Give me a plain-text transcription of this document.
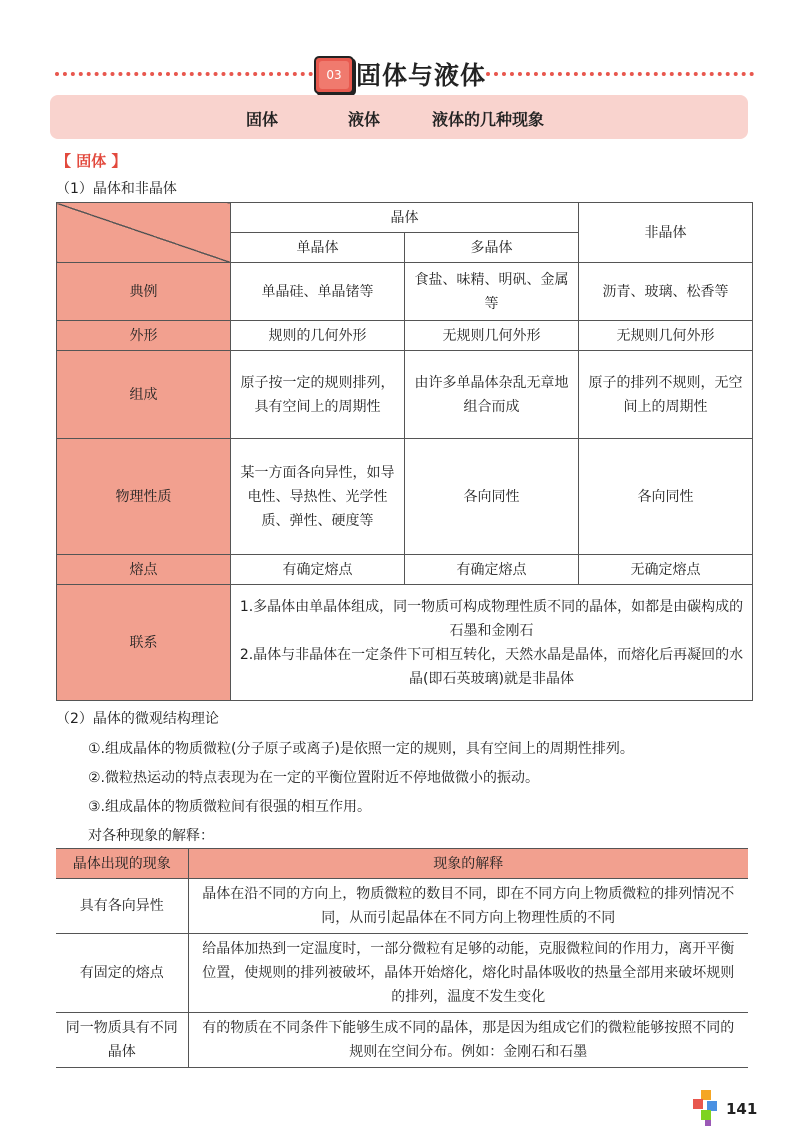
03 固体与液体
固体	液体	液体的几种现象
【 固体 】
（1）晶体和非晶体
	晶体		非晶体
	单晶体	多晶体	
典例	单晶硅、单晶锗等	食盐、味精、明矾、金属等	沥青、玻璃、松香等
外形	规则的几何外形	无规则几何外形	无规则几何外形
组成	原子按一定的规则排列，具有空间上的周期性	由许多单晶体杂乱无章地组合而成	原子的排列不规则，无空间上的周期性
物理性质	某一方面各向异性，如导电性、导热性、光学性质、弹性、硬度等	各向同性	各向同性
熔点	有确定熔点	有确定熔点	无确定熔点
联系	1.多晶体由单晶体组成，同一物质可构成物理性质不同的晶体，如都是由碳构成的石墨和金刚石
2.晶体与非晶体在一定条件下可相互转化，天然水晶是晶体，而熔化后再凝回的水晶(即石英玻璃)就是非晶体		
（2）晶体的微观结构理论
①.组成晶体的物质微粒(分子原子或离子)是依照一定的规则，具有空间上的周期性排列。
②.微粒热运动的特点表现为在一定的平衡位置附近不停地做微小的振动。
③.组成晶体的物质微粒间有很强的相互作用。
对各种现象的解释：
晶体出现的现象	现象的解释
具有各向异性	晶体在沿不同的方向上，物质微粒的数目不同，即在不同方向上物质微粒的排列情况不同，从而引起晶体在不同方向上物理性质的不同
有固定的熔点	给晶体加热到一定温度时，一部分微粒有足够的动能，克服微粒间的作用力，离开平衡位置，使规则的排列被破坏，晶体开始熔化，熔化时晶体吸收的热量全部用来破坏规则的排列，温度不发生变化
同一物质具有不同晶体	有的物质在不同条件下能够生成不同的晶体，那是因为组成它们的微粒能够按照不同的规则在空间分布。例如：金刚石和石墨
141
